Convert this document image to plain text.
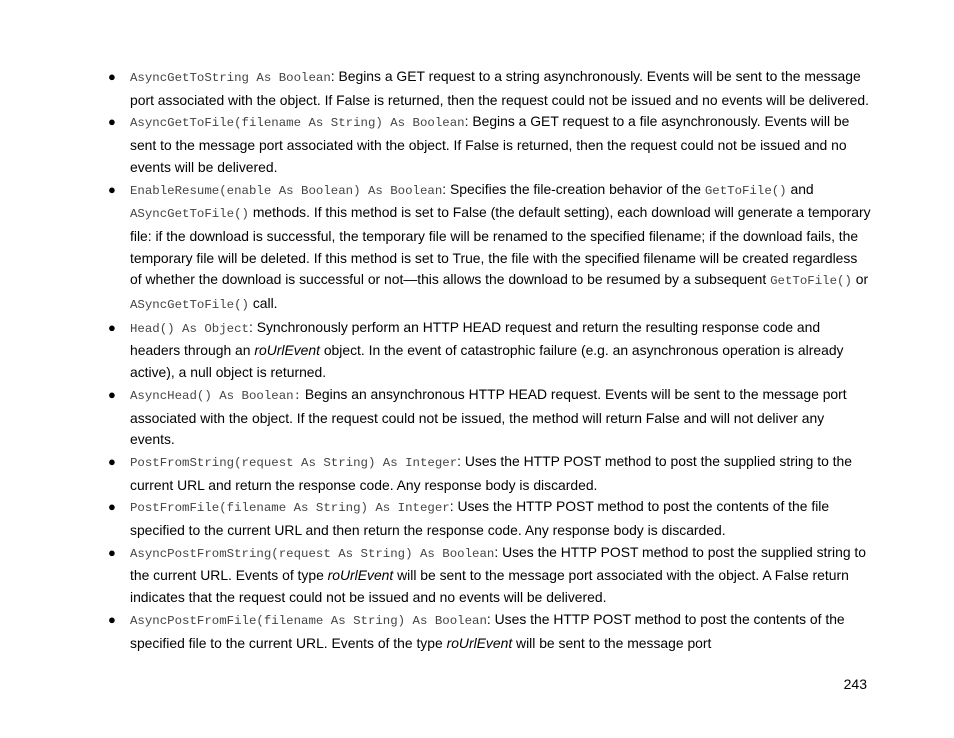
● AsyncGetToString As Boolean: Begins a GET request to a string asynchronously. Events will be sent to the message port associated with the object. If False is returned, then the request could not be issued and no events will be delivered.
● AsyncGetToFile(filename As String) As Boolean: Begins a GET request to a file asynchronously. Events will be sent to the message port associated with the object. If False is returned, then the request could not be issued and no events will be delivered.
● EnableResume(enable As Boolean) As Boolean: Specifies the file-creation behavior of the GetToFile() and ASyncGetToFile() methods. If this method is set to False (the default setting), each download will generate a temporary file: if the download is successful, the temporary file will be renamed to the specified filename; if the download fails, the temporary file will be deleted. If this method is set to True, the file with the specified filename will be created regardless of whether the download is successful or not—this allows the download to be resumed by a subsequent GetToFile() or ASyncGetToFile() call.
● Head() As Object: Synchronously perform an HTTP HEAD request and return the resulting response code and headers through an roUrlEvent object. In the event of catastrophic failure (e.g. an asynchronous operation is already active), a null object is returned.
● AsyncHead() As Boolean: Begins an ansynchronous HTTP HEAD request. Events will be sent to the message port associated with the object. If the request could not be issued, the method will return False and will not deliver any events.
● PostFromString(request As String) As Integer: Uses the HTTP POST method to post the supplied string to the current URL and return the response code. Any response body is discarded.
● PostFromFile(filename As String) As Integer: Uses the HTTP POST method to post the contents of the file specified to the current URL and then return the response code. Any response body is discarded.
● AsyncPostFromString(request As String) As Boolean: Uses the HTTP POST method to post the supplied string to the current URL. Events of type roUrlEvent will be sent to the message port associated with the object. A False return indicates that the request could not be issued and no events will be delivered.
● AsyncPostFromFile(filename As String) As Boolean: Uses the HTTP POST method to post the contents of the specified file to the current URL. Events of the type roUrlEvent will be sent to the message port
243
